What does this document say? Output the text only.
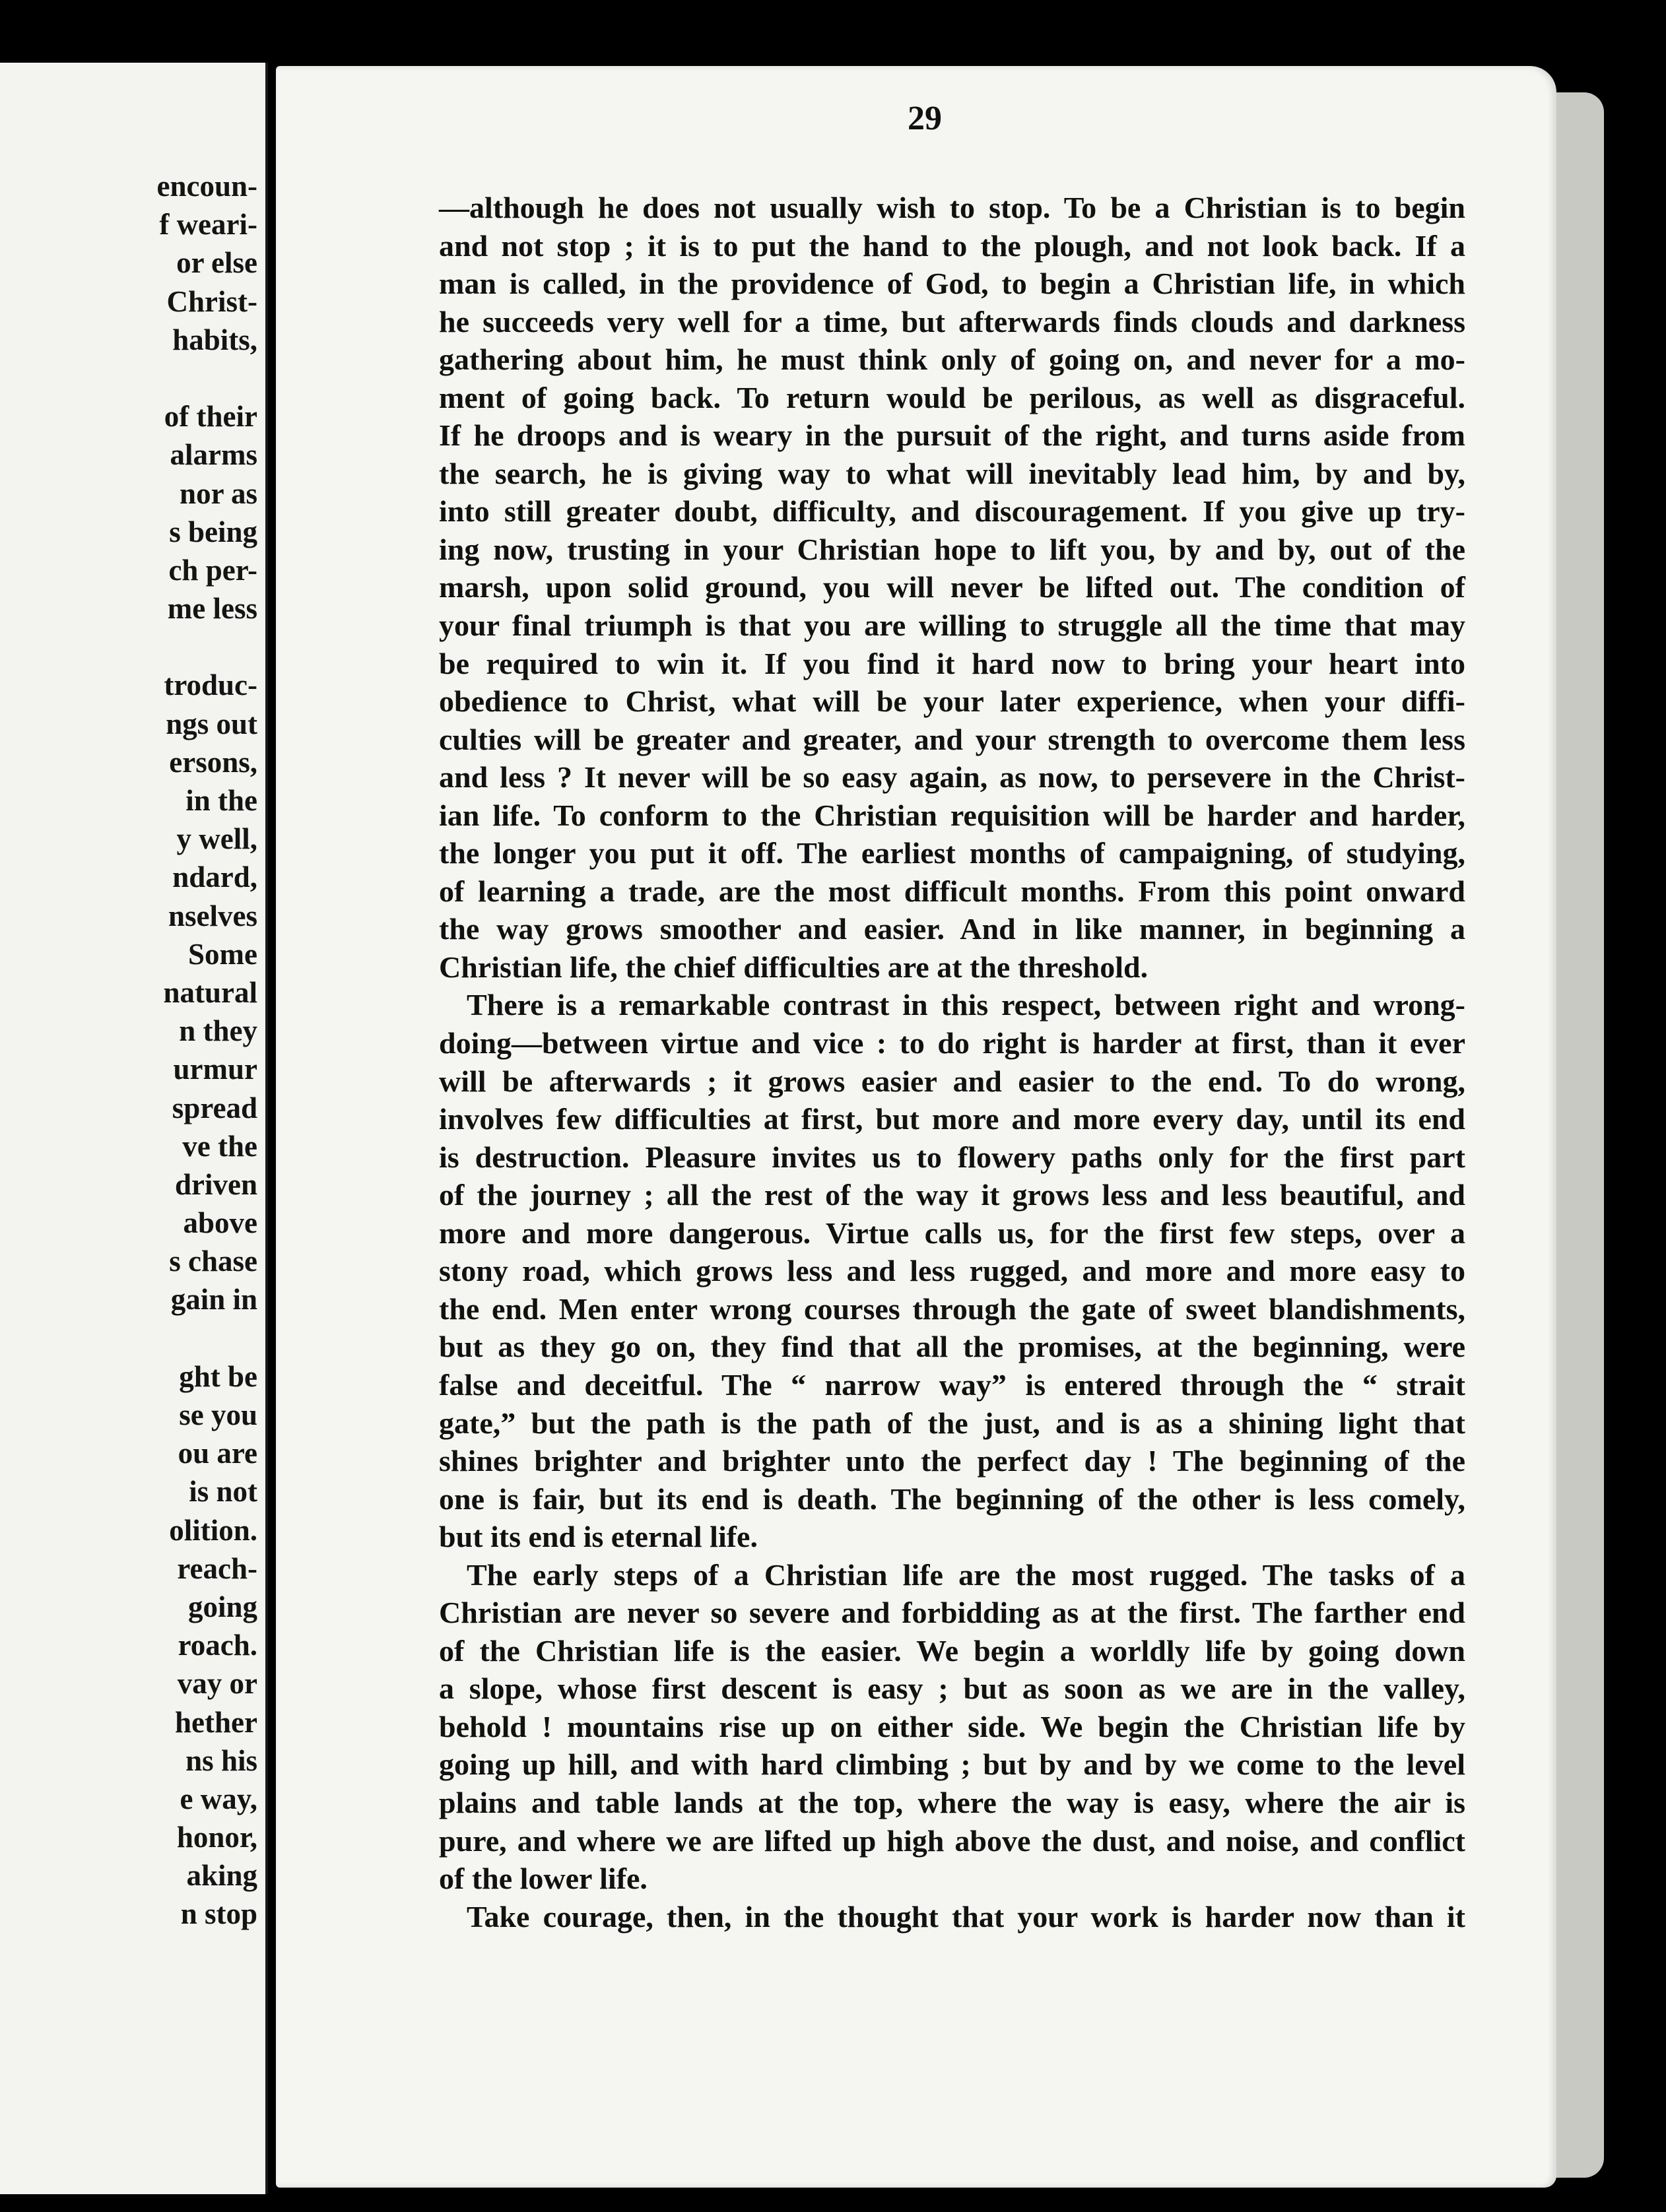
encoun-
f weari-
or else
Christ-
habits,
of their
alarms
nor as
s being
ch per-
me less
troduc-
ngs out
ersons,
in the
y well,
ndard,
nselves
Some
natural
n they
urmur
spread
ve the
driven
above
s chase
gain in
ght be
se you
ou are
is not
olition.
reach-
going
roach.
vay or
hether
ns his
e way,
honor,
aking
n stop
29
—although he does not usually wish to stop. To be a Christian is to begin
and not stop ; it is to put the hand to the plough, and not look back. If a
man is called, in the providence of God, to begin a Christian life, in which
he succeeds very well for a time, but afterwards finds clouds and darkness
gathering about him, he must think only of going on, and never for a mo-
ment of going back. To return would be perilous, as well as disgraceful.
If he droops and is weary in the pursuit of the right, and turns aside from
the search, he is giving way to what will inevitably lead him, by and by,
into still greater doubt, difficulty, and discouragement. If you give up try-
ing now, trusting in your Christian hope to lift you, by and by, out of the
marsh, upon solid ground, you will never be lifted out. The condition of
your final triumph is that you are willing to struggle all the time that may
be required to win it. If you find it hard now to bring your heart into
obedience to Christ, what will be your later experience, when your diffi-
culties will be greater and greater, and your strength to overcome them less
and less ? It never will be so easy again, as now, to persevere in the Christ-
ian life. To conform to the Christian requisition will be harder and harder,
the longer you put it off. The earliest months of campaigning, of studying,
of learning a trade, are the most difficult months. From this point onward
the way grows smoother and easier. And in like manner, in beginning a
Christian life, the chief difficulties are at the threshold.
There is a remarkable contrast in this respect, between right and wrong-
doing—between virtue and vice : to do right is harder at first, than it ever
will be afterwards ; it grows easier and easier to the end. To do wrong,
involves few difficulties at first, but more and more every day, until its end
is destruction. Pleasure invites us to flowery paths only for the first part
of the journey ; all the rest of the way it grows less and less beautiful, and
more and more dangerous. Virtue calls us, for the first few steps, over a
stony road, which grows less and less rugged, and more and more easy to
the end. Men enter wrong courses through the gate of sweet blandishments,
but as they go on, they find that all the promises, at the beginning, were
false and deceitful. The “ narrow way” is entered through the “ strait
gate,” but the path is the path of the just, and is as a shining light that
shines brighter and brighter unto the perfect day ! The beginning of the
one is fair, but its end is death. The beginning of the other is less comely,
but its end is eternal life.
The early steps of a Christian life are the most rugged. The tasks of a
Christian are never so severe and forbidding as at the first. The farther end
of the Christian life is the easier. We begin a worldly life by going down
a slope, whose first descent is easy ; but as soon as we are in the valley,
behold ! mountains rise up on either side. We begin the Christian life by
going up hill, and with hard climbing ; but by and by we come to the level
plains and table lands at the top, where the way is easy, where the air is
pure, and where we are lifted up high above the dust, and noise, and conflict
of the lower life.
Take courage, then, in the thought that your work is harder now than it
